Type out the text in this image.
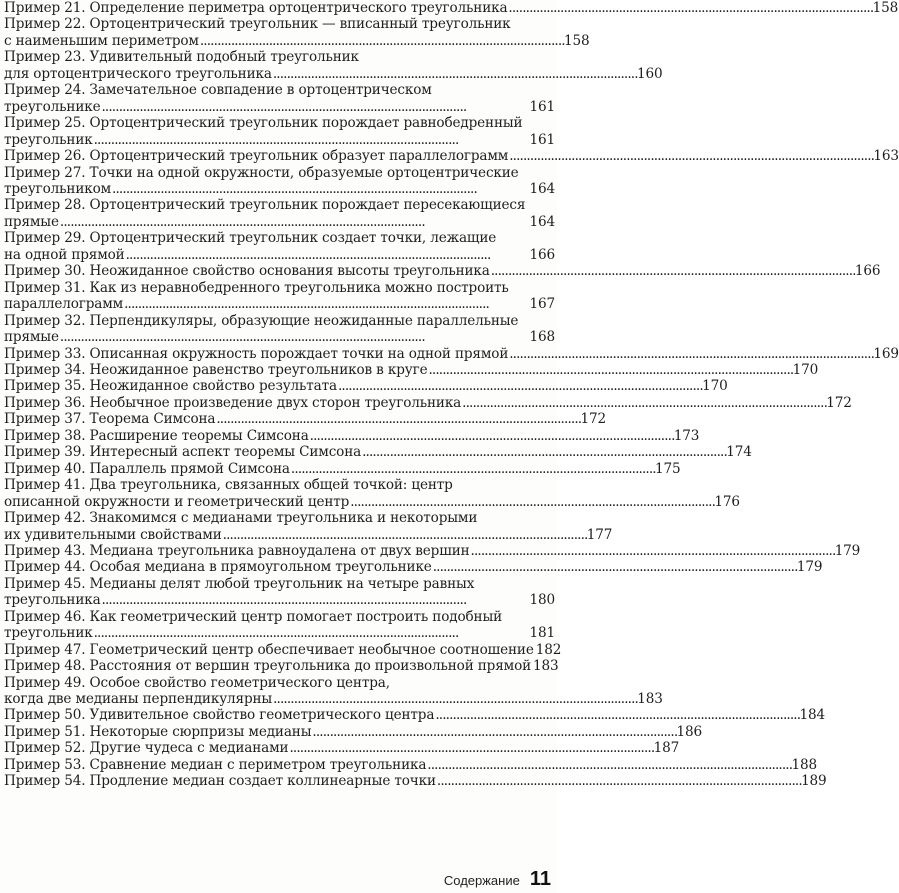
Пример 21. Определение периметра ортоцентрического треугольника . . .	158
Пример 22. Ортоцентрический треугольник — вписанный треугольник
с наименьшим периметром . . .	158
Пример 23. Удивительный подобный треугольник
для ортоцентрического треугольника . . .	160
Пример 24. Замечательное совпадение в ортоцентрическом
треугольнике . . .	161
Пример 25. Ортоцентрический треугольник порождает равнобедренный
треугольник . . .	161
Пример 26. Ортоцентрический треугольник образует параллелограмм . . .	163
Пример 27. Точки на одной окружности, образуемые ортоцентрические
треугольником . . .	164
Пример 28. Ортоцентрический треугольник порождает пересекающиеся
прямые . . .	164
Пример 29. Ортоцентрический треугольник создает точки, лежащие
на одной прямой . . .	166
Пример 30. Неожиданное свойство основания высоты треугольника . . .	166
Пример 31. Как из неравнобедренного треугольника можно построить
параллелограмм . . .	167
Пример 32. Перпендикуляры, образующие неожиданные параллельные
прямые . . .	168
Пример 33. Описанная окружность порождает точки на одной прямой . . .	169
Пример 34. Неожиданное равенство треугольников в круге . . .	170
Пример 35. Неожиданное свойство результата . . .	170
Пример 36. Необычное произведение двух сторон треугольника . . .	172
Пример 37. Теорема Симсона . . .	172
Пример 38. Расширение теоремы Симсона . . .	173
Пример 39. Интересный аспект теоремы Симсона . . .	174
Пример 40. Параллель прямой Симсона . . .	175
Пример 41. Два треугольника, связанных общей точкой: центр
описанной окружности и геометрический центр . . .	176
Пример 42. Знакомимся с медианами треугольника и некоторыми
их удивительными свойствами . . .	177
Пример 43. Медиана треугольника равноудалена от двух вершин . . .	179
Пример 44. Особая медиана в прямоугольном треугольнике . . .	179
Пример 45. Медианы делят любой треугольник на четыре равных
треугольника . . .	180
Пример 46. Как геометрический центр помогает построить подобный
треугольник . . .	181
Пример 47. Геометрический центр обеспечивает необычное соотношение 182
Пример 48. Расстояния от вершин треугольника до произвольной прямой 183
Пример 49. Особое свойство геометрического центра,
когда две медианы перпендикулярны . . .	183
Пример 50. Удивительное свойство геометрического центра . . .	184
Пример 51. Некоторые сюрпризы медианы . . .	186
Пример 52. Другие чудеса с медианами . . .	187
Пример 53. Сравнение медиан с периметром треугольника . . .	188
Пример 54. Продление медиан создает коллинеарные точки . . .	189
Содержание 11
